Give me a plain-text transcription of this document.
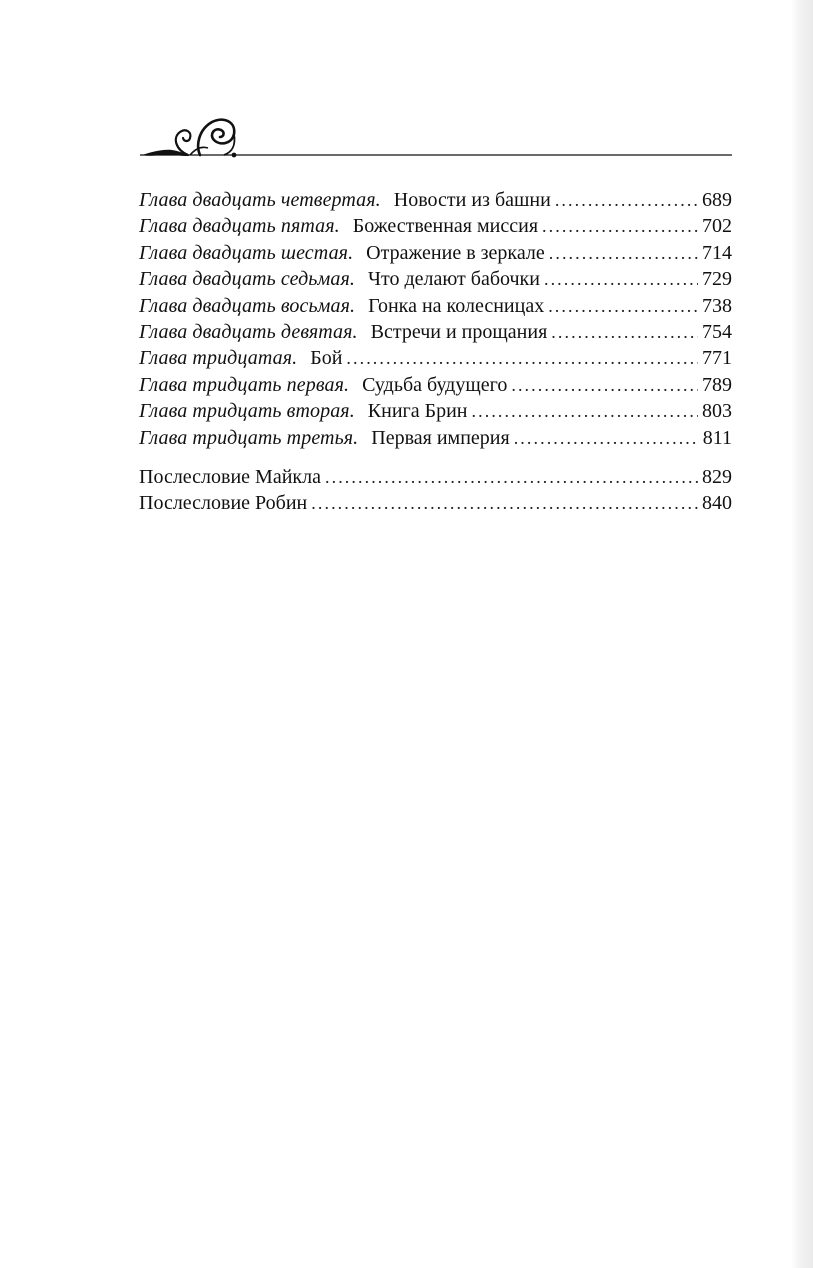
Глава двадцать четвертая. Новости из башни . . .	689
Глава двадцать пятая. Божественная миссия . . .	702
Глава двадцать шестая. Отражение в зеркале . . .	714
Глава двадцать седьмая. Что делают бабочки . . .	729
Глава двадцать восьмая. Гонка на колесницах . . .	738
Глава двадцать девятая. Встречи и прощания . . .	754
Глава тридцатая. Бой . . .	771
Глава тридцать первая. Судьба будущего . . .	789
Глава тридцать вторая. Книга Брин . . .	803
Глава тридцать третья. Первая империя . . .	811
Послесловие Майкла . . .	829
Послесловие Робин . . .	840
